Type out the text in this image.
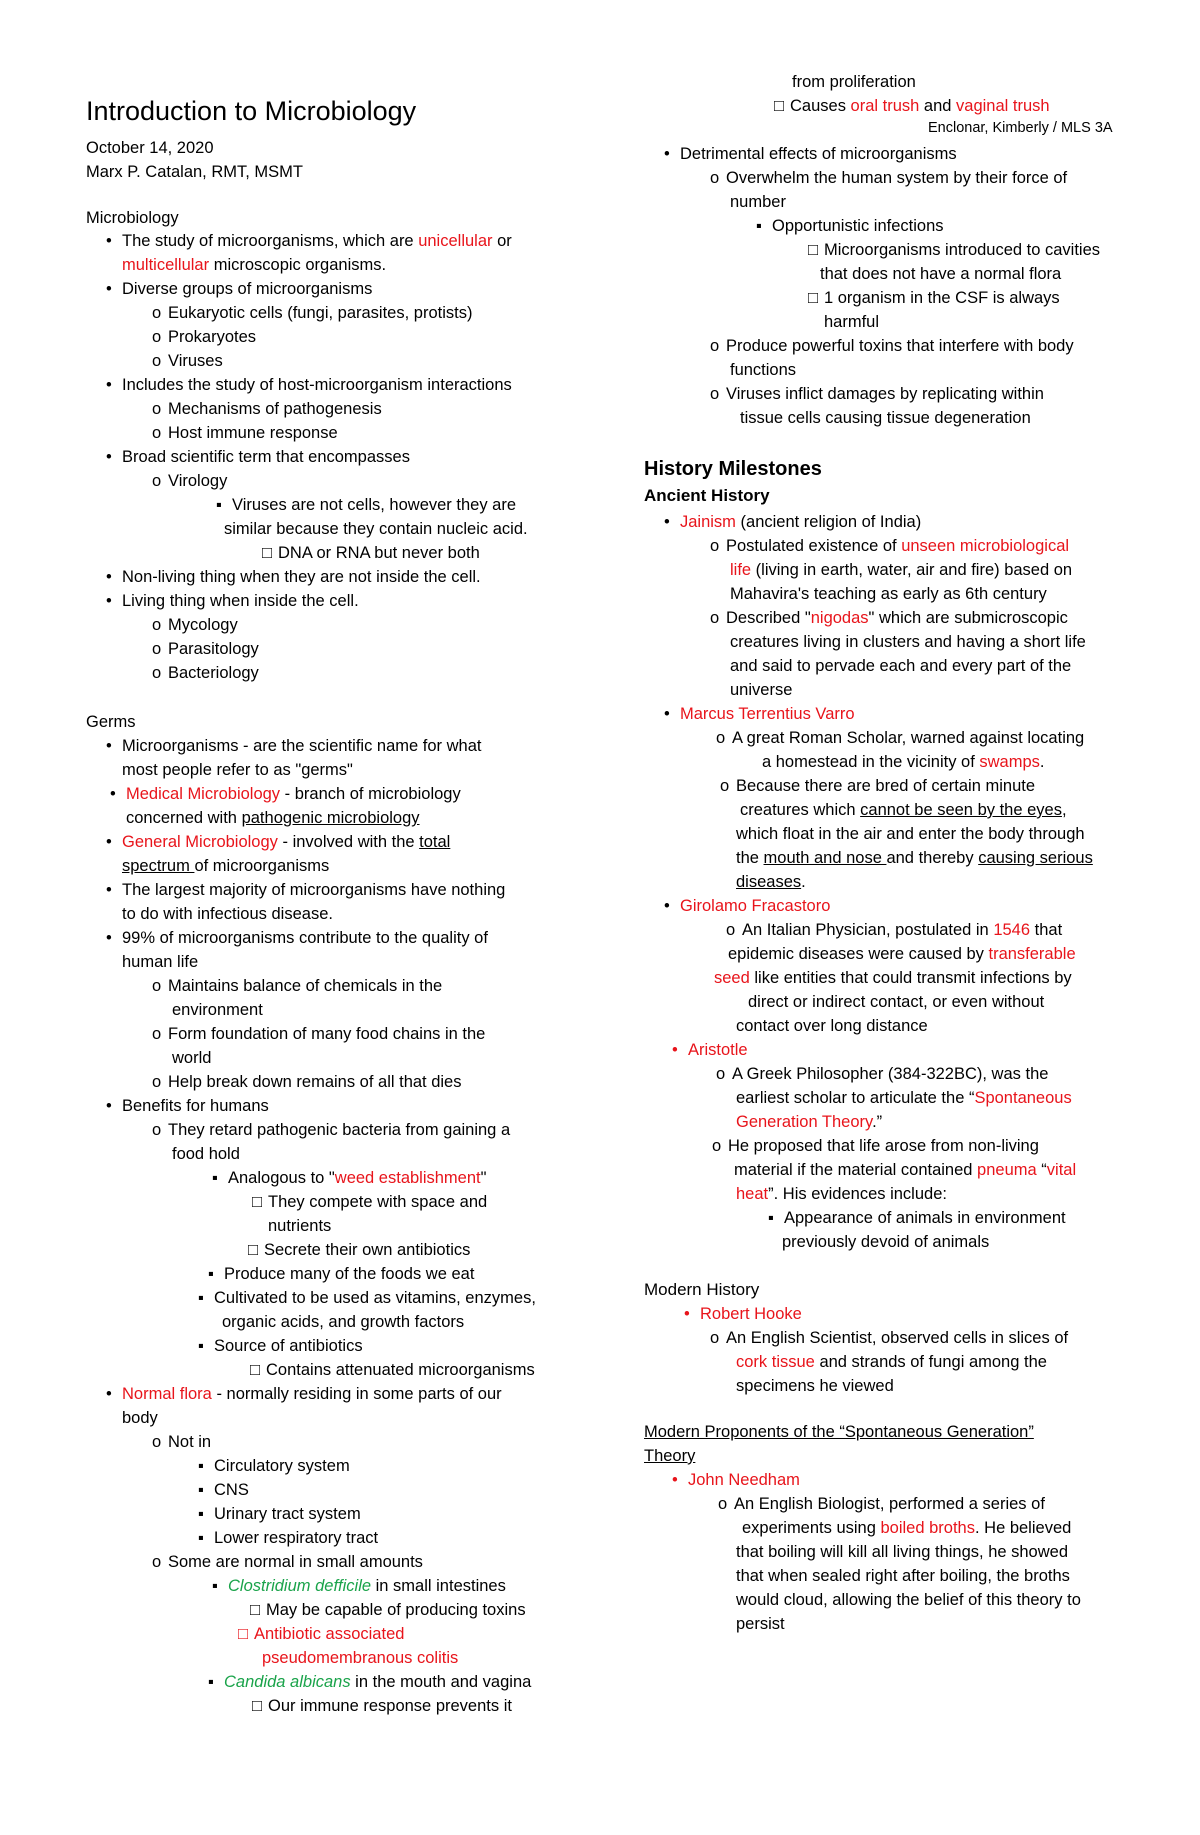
Introduction to Microbiology
October 14, 2020
Marx P. Catalan, RMT, MSMT
Microbiology
• The study of microorganisms, which are unicellular or
multicellular microscopic organisms.
• Diverse groups of microorganisms
o Eukaryotic cells (fungi, parasites, protists)
o Prokaryotes
o Viruses
• Includes the study of host-microorganism interactions
o Mechanisms of pathogenesis
o Host immune response
• Broad scientific term that encompasses
o Virology
▪ Viruses are not cells, however they are
similar because they contain nucleic acid.
□ DNA or RNA but never both
• Non-living thing when they are not inside the cell.
• Living thing when inside the cell.
o Mycology
o Parasitology
o Bacteriology
Germs
• Microorganisms - are the scientific name for what
most people refer to as "germs"
• Medical Microbiology - branch of microbiology
concerned with pathogenic microbiology
• General Microbiology - involved with the total
spectrum of microorganisms
• The largest majority of microorganisms have nothing
to do with infectious disease.
• 99% of microorganisms contribute to the quality of
human life
o Maintains balance of chemicals in the
environment
o Form foundation of many food chains in the
world
o Help break down remains of all that dies
• Benefits for humans
o They retard pathogenic bacteria from gaining a
food hold
▪ Analogous to "weed establishment"
□ They compete with space and
nutrients
□ Secrete their own antibiotics
▪ Produce many of the foods we eat
▪ Cultivated to be used as vitamins, enzymes,
organic acids, and growth factors
▪ Source of antibiotics
□ Contains attenuated microorganisms
• Normal flora - normally residing in some parts of our
body
o Not in
▪ Circulatory system
▪ CNS
▪ Urinary tract system
▪ Lower respiratory tract
o Some are normal in small amounts
▪ Clostridium defficile in small intestines
□ May be capable of producing toxins
□ Antibiotic associated
pseudomembranous colitis
▪ Candida albicans in the mouth and vagina
□ Our immune response prevents it
from proliferation
□ Causes oral trush and vaginal trush
Enclonar, Kimberly / MLS 3A
• Detrimental effects of microorganisms
o Overwhelm the human system by their force of
number
▪ Opportunistic infections
□ Microorganisms introduced to cavities
that does not have a normal flora
□ 1 organism in the CSF is always
harmful
o Produce powerful toxins that interfere with body
functions
o Viruses inflict damages by replicating within
tissue cells causing tissue degeneration
History Milestones
Ancient History
• Jainism (ancient religion of India)
o Postulated existence of unseen microbiological
life (living in earth, water, air and fire) based on
Mahavira's teaching as early as 6th century
o Described "nigodas" which are submicroscopic
creatures living in clusters and having a short life
and said to pervade each and every part of the
universe
• Marcus Terrentius Varro
o A great Roman Scholar, warned against locating
a homestead in the vicinity of swamps.
o Because there are bred of certain minute
creatures which cannot be seen by the eyes,
which float in the air and enter the body through
the mouth and nose and thereby causing serious
diseases.
• Girolamo Fracastoro
o An Italian Physician, postulated in 1546 that
epidemic diseases were caused by transferable
seed like entities that could transmit infections by
direct or indirect contact, or even without
contact over long distance
• Aristotle
o A Greek Philosopher (384-322BC), was the
earliest scholar to articulate the “Spontaneous
Generation Theory.”
o He proposed that life arose from non-living
material if the material contained pneuma “vital
heat”. His evidences include:
▪ Appearance of animals in environment
previously devoid of animals
Modern History
• Robert Hooke
o An English Scientist, observed cells in slices of
cork tissue and strands of fungi among the
specimens he viewed
Modern Proponents of the “Spontaneous Generation”
Theory
• John Needham
o An English Biologist, performed a series of
experiments using boiled broths. He believed
that boiling will kill all living things, he showed
that when sealed right after boiling, the broths
would cloud, allowing the belief of this theory to
persist
